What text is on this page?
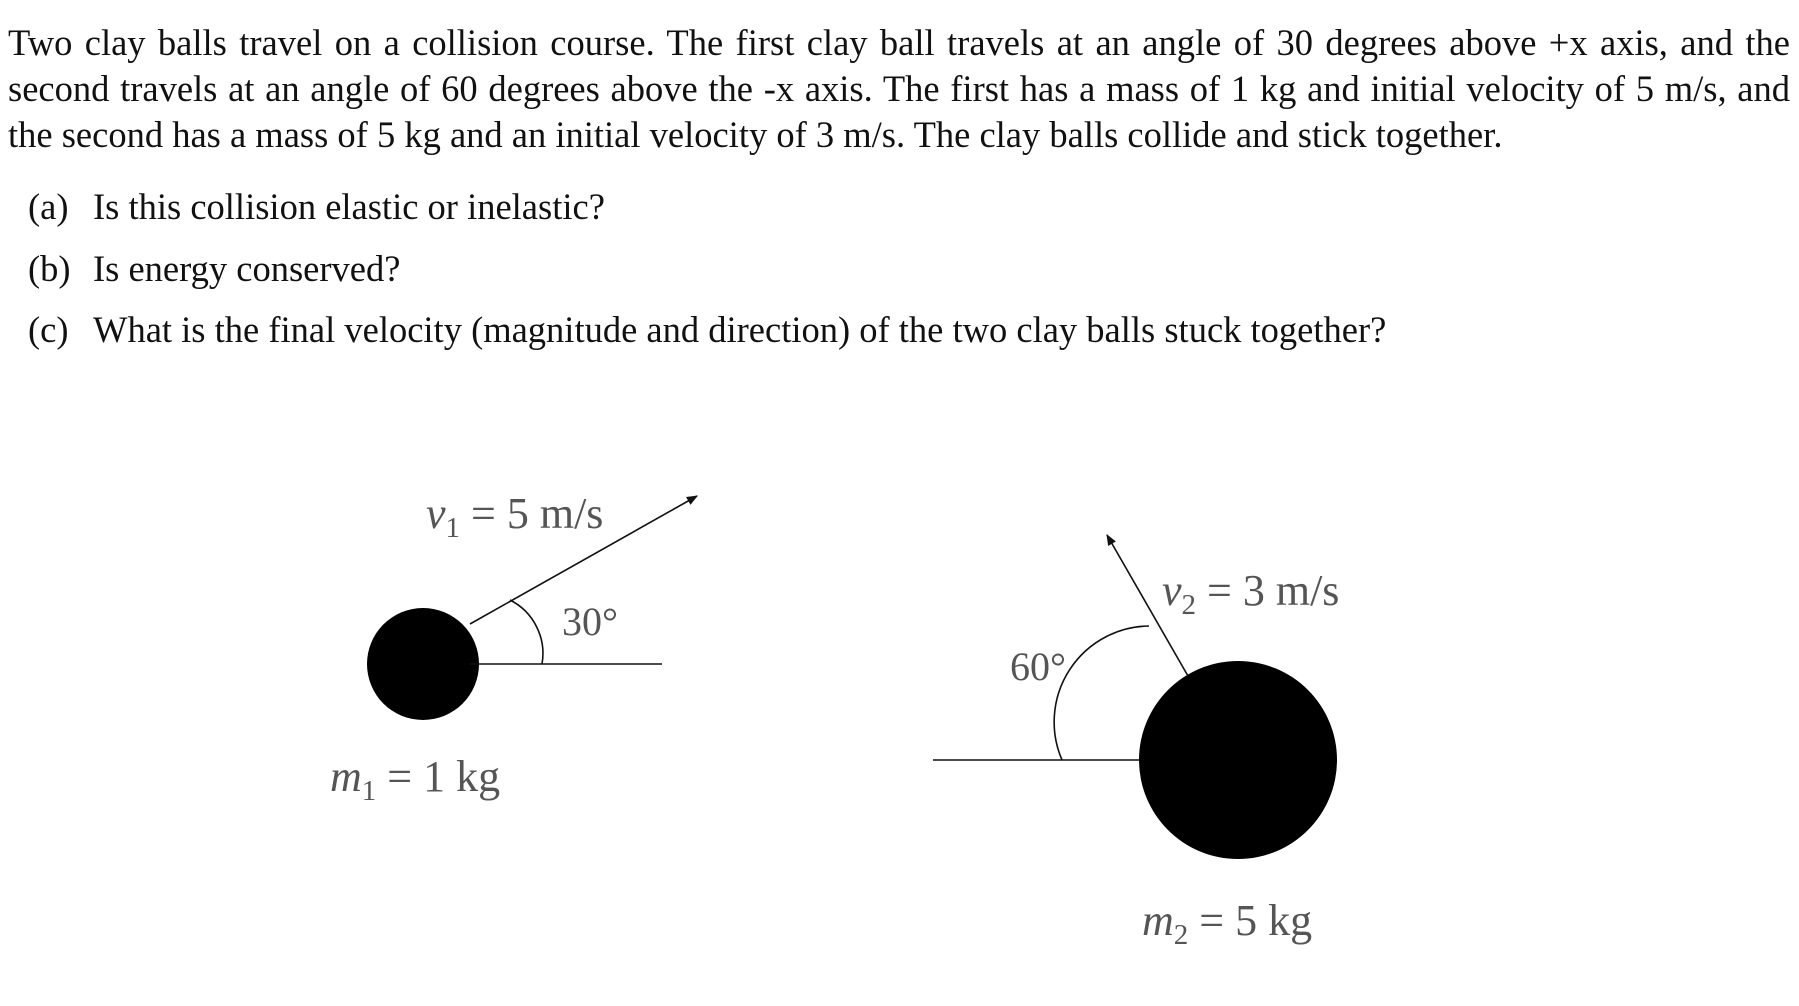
Two clay balls travel on a collision course. The first clay ball travels at an angle of 30 degrees above +x axis, and the second travels at an angle of 60 degrees above the -x axis. The first has a mass of 1 kg and initial velocity of 5 m/s, and the second has a mass of 5 kg and an initial velocity of 3 m/s. The clay balls collide and stick together.

(a) Is this collision elastic or inelastic?
(b) Is energy conserved?
(c) What is the final velocity (magnitude and direction) of the two clay balls stuck together?
$v_1 = 5$ m/s
30°
$m_1 = 1$ kg
$v_2 = 3$ m/s
60°
$m_2 = 5$ kg
